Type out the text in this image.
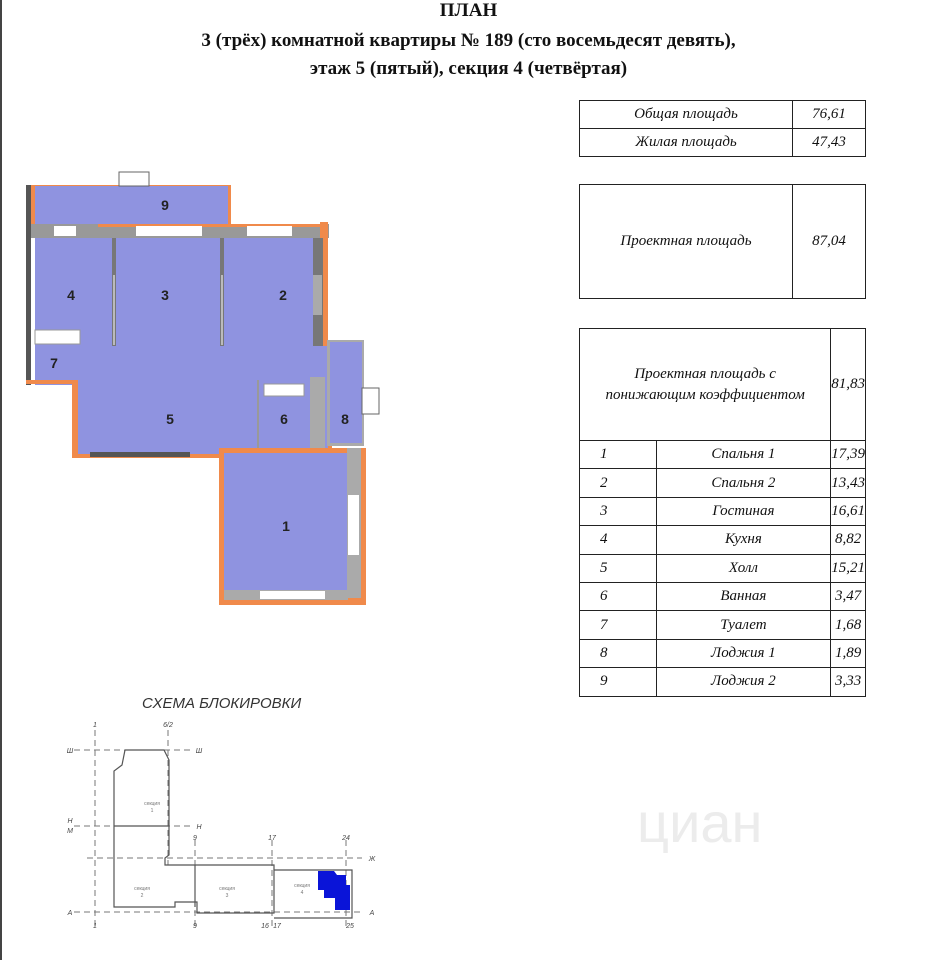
ПЛАН
3 (трёх) комнатной квартиры № 189 (сто восемьдесят девять),
этаж 5 (пятый), секция 4 (четвёртая)
циан
Общая площадь	76,61
Жилая площадь	47,43
Проектная площадь	87,04
Проектная площадь с понижающим коэффициентом		81,83
1	Спальня 1	17,39
2	Спальня 2	13,43
3	Гостиная	16,61
4	Кухня	8,82
5	Холл	15,21
6	Ванная	3,47
7	Туалет	1,68
8	Лоджия 1	1,89
9	Лоджия 2	3,33
9
4	3	2
7
5	6	8
1
СХЕМА БЛОКИРОВКИ
секция
1
секция
2
секция
3
секция
4
1	6/2
Ш	Ш
Н
М
Н
9	17	24
Ж
А	А
1	9	16 17	25
